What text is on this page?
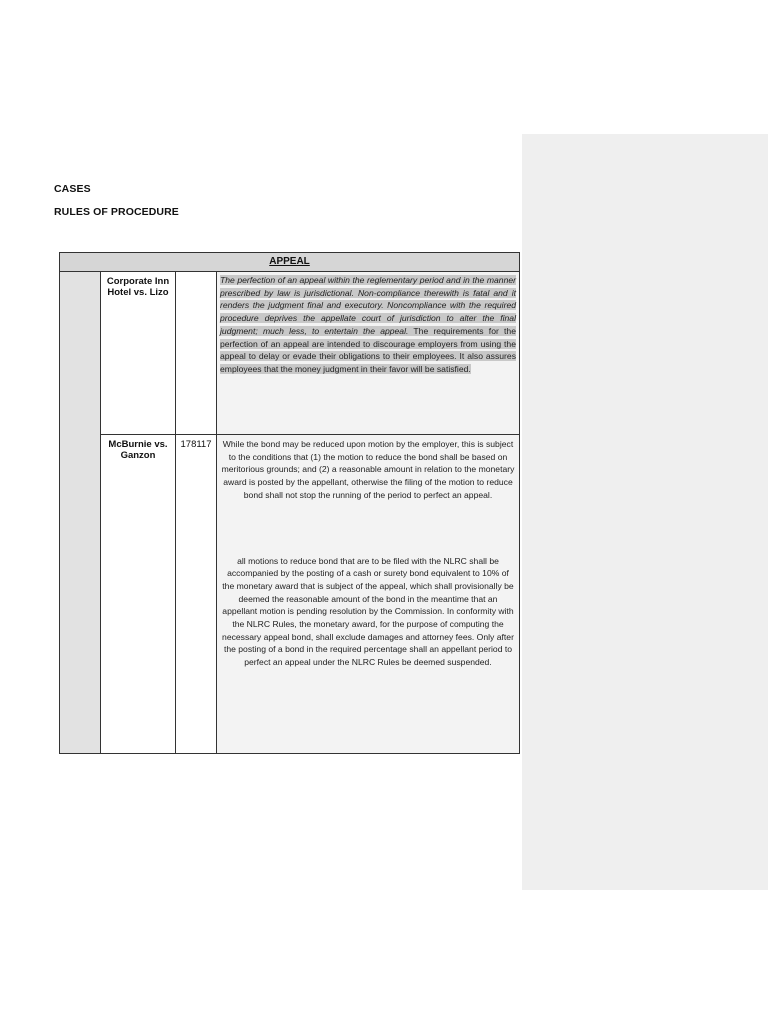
CASES
RULES OF PROCEDURE
APPEAL
Corporate Inn Hotel vs. Lizo
The perfection of an appeal within the reglementary period and in the manner prescribed by law is jurisdictional. Non-compliance therewith is fatal and it renders the judgment final and executory. Noncompliance with the required procedure deprives the appellate court of jurisdiction to alter the final judgment; much less, to entertain the appeal. The requirements for the perfection of an appeal are intended to discourage employers from using the appeal to delay or evade their obligations to their employees. It also assures employees that the money judgment in their favor will be satisfied.
McBurnie vs. Ganzon
178117	While the bond may be reduced upon motion by the employer, this is subject to the conditions that (1) the motion to reduce the bond shall be based on meritorious grounds; and (2) a reasonable amount in relation to the monetary award is posted by the appellant, otherwise the filing of the motion to reduce bond shall not stop the running of the period to perfect an appeal.
all motions to reduce bond that are to be filed with the NLRC shall be accompanied by the posting of a cash or surety bond equivalent to 10% of the monetary award that is subject of the appeal, which shall provisionally be deemed the reasonable amount of the bond in the meantime that an appellant motion is pending resolution by the Commission. In conformity with the NLRC Rules, the monetary award, for the purpose of computing the necessary appeal bond, shall exclude damages and attorney fees. Only after the posting of a bond in the required percentage shall an appellant period to perfect an appeal under the NLRC Rules be deemed suspended.
